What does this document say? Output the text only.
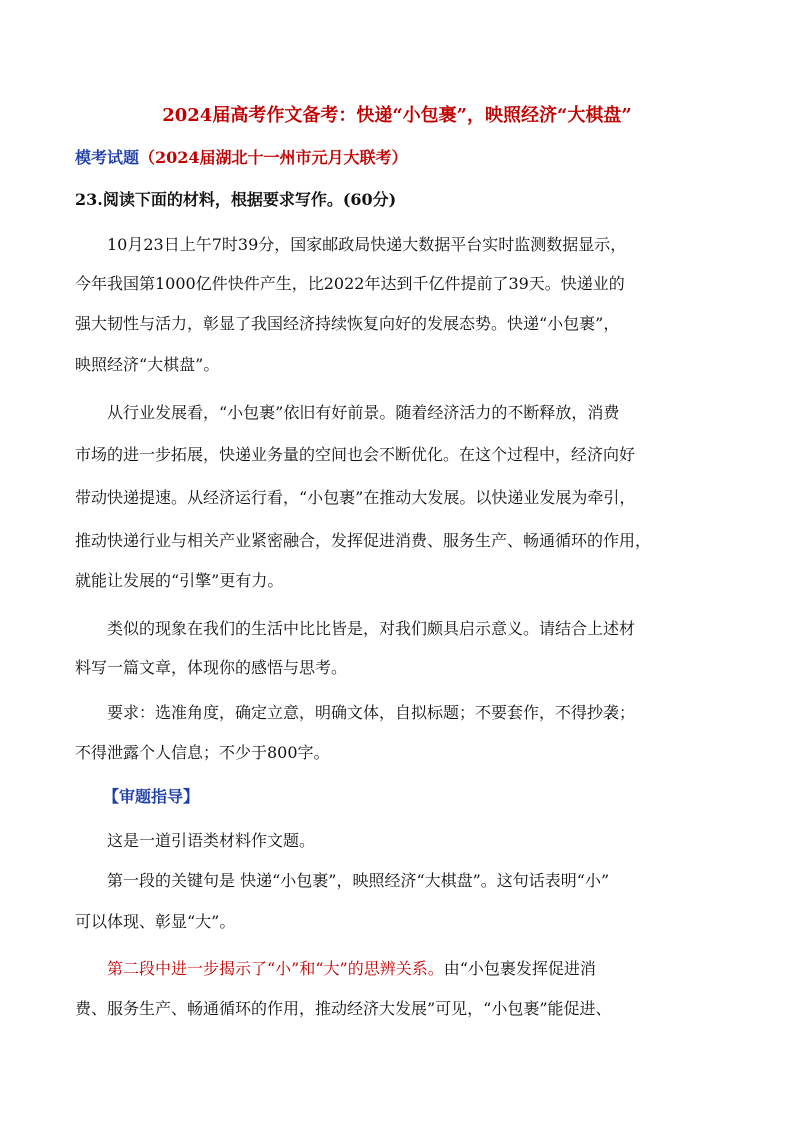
2024届高考作文备考：快递“小包裹”，映照经济“大棋盘”
模考试题（2024届湖北十一州市元月大联考）
23.阅读下面的材料，根据要求写作。(60分)
10月23日上午7时39分，国家邮政局快递大数据平台实时监测数据显示，
今年我国第1000亿件快件产生，比2022年达到千亿件提前了39天。快递业的
强大韧性与活力，彰显了我国经济持续恢复向好的发展态势。快递“小包裹”，
映照经济“大棋盘”。
从行业发展看，“小包裹”依旧有好前景。随着经济活力的不断释放，消费
市场的进一步拓展，快递业务量的空间也会不断优化。在这个过程中，经济向好
带动快递提速。从经济运行看，“小包裹”在推动大发展。以快递业发展为牵引，
推动快递行业与相关产业紧密融合，发挥促进消费、服务生产、畅通循环的作用，
就能让发展的“引擎”更有力。
类似的现象在我们的生活中比比皆是，对我们颇具启示意义。请结合上述材
料写一篇文章，体现你的感悟与思考。
要求：选准角度，确定立意，明确文体，自拟标题；不要套作，不得抄袭；
不得泄露个人信息；不少于800字。
【审题指导】
这是一道引语类材料作文题。
第一段的关键句是 快递“小包裹”，映照经济“大棋盘”。这句话表明“小”
可以体现、彰显“大”。
第二段中进一步揭示了“小”和“大”的思辨关系。由“小包裹发挥促进消
费、服务生产、畅通循环的作用，推动经济大发展”可见，“小包裹”能促进、
